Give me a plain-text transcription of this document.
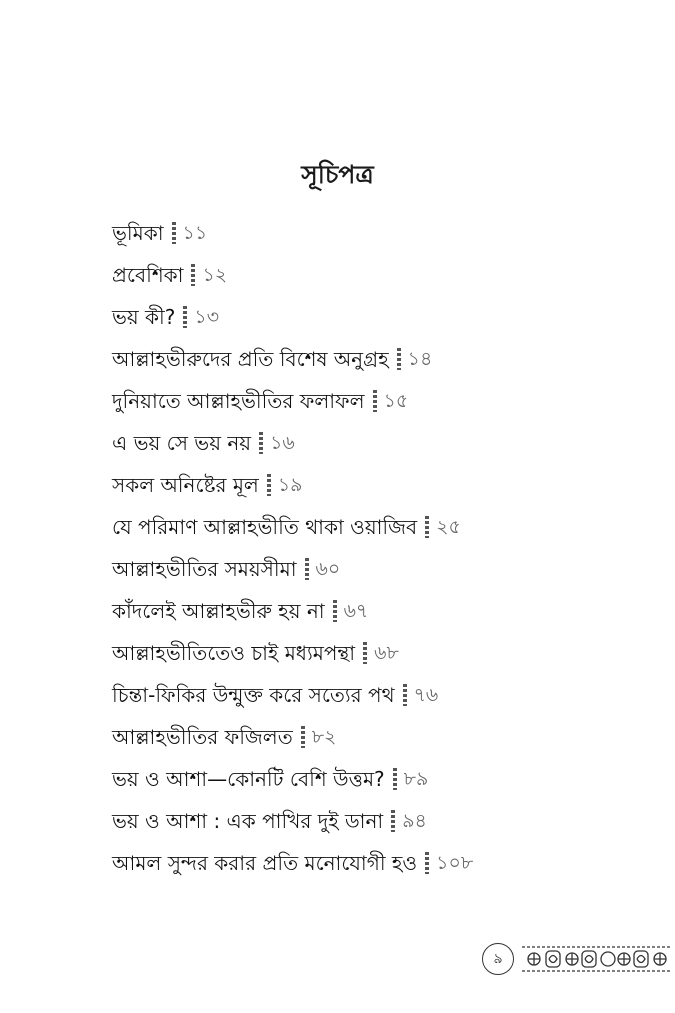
সূচিপত্র
ভূমিকা ১১
প্রবেশিকা ১২
ভয় কী? ১৩
আল্লাহভীরুদের প্রতি বিশেষ অনুগ্রহ ১৪
দুনিয়াতে আল্লাহভীতির ফলাফল ১৫
এ ভয় সে ভয় নয় ১৬
সকল অনিষ্টের মূল ১৯
যে পরিমাণ আল্লাহভীতি থাকা ওয়াজিব ২৫
আল্লাহভীতির সময়সীমা ৬০
কাঁদলেই আল্লাহভীরু হয় না ৬৭
আল্লাহভীতিতেও চাই মধ্যমপন্থা ৬৮
চিন্তা-ফিকির উন্মুক্ত করে সত্যের পথ ৭৬
আল্লাহভীতির ফজিলত ৮২
ভয় ও আশা—কোনটি বেশি উত্তম? ৮৯
ভয় ও আশা : এক পাখির দুই ডানা ৯৪
আমল সুন্দর করার প্রতি মনোযোগী হও ১০৮
৯
